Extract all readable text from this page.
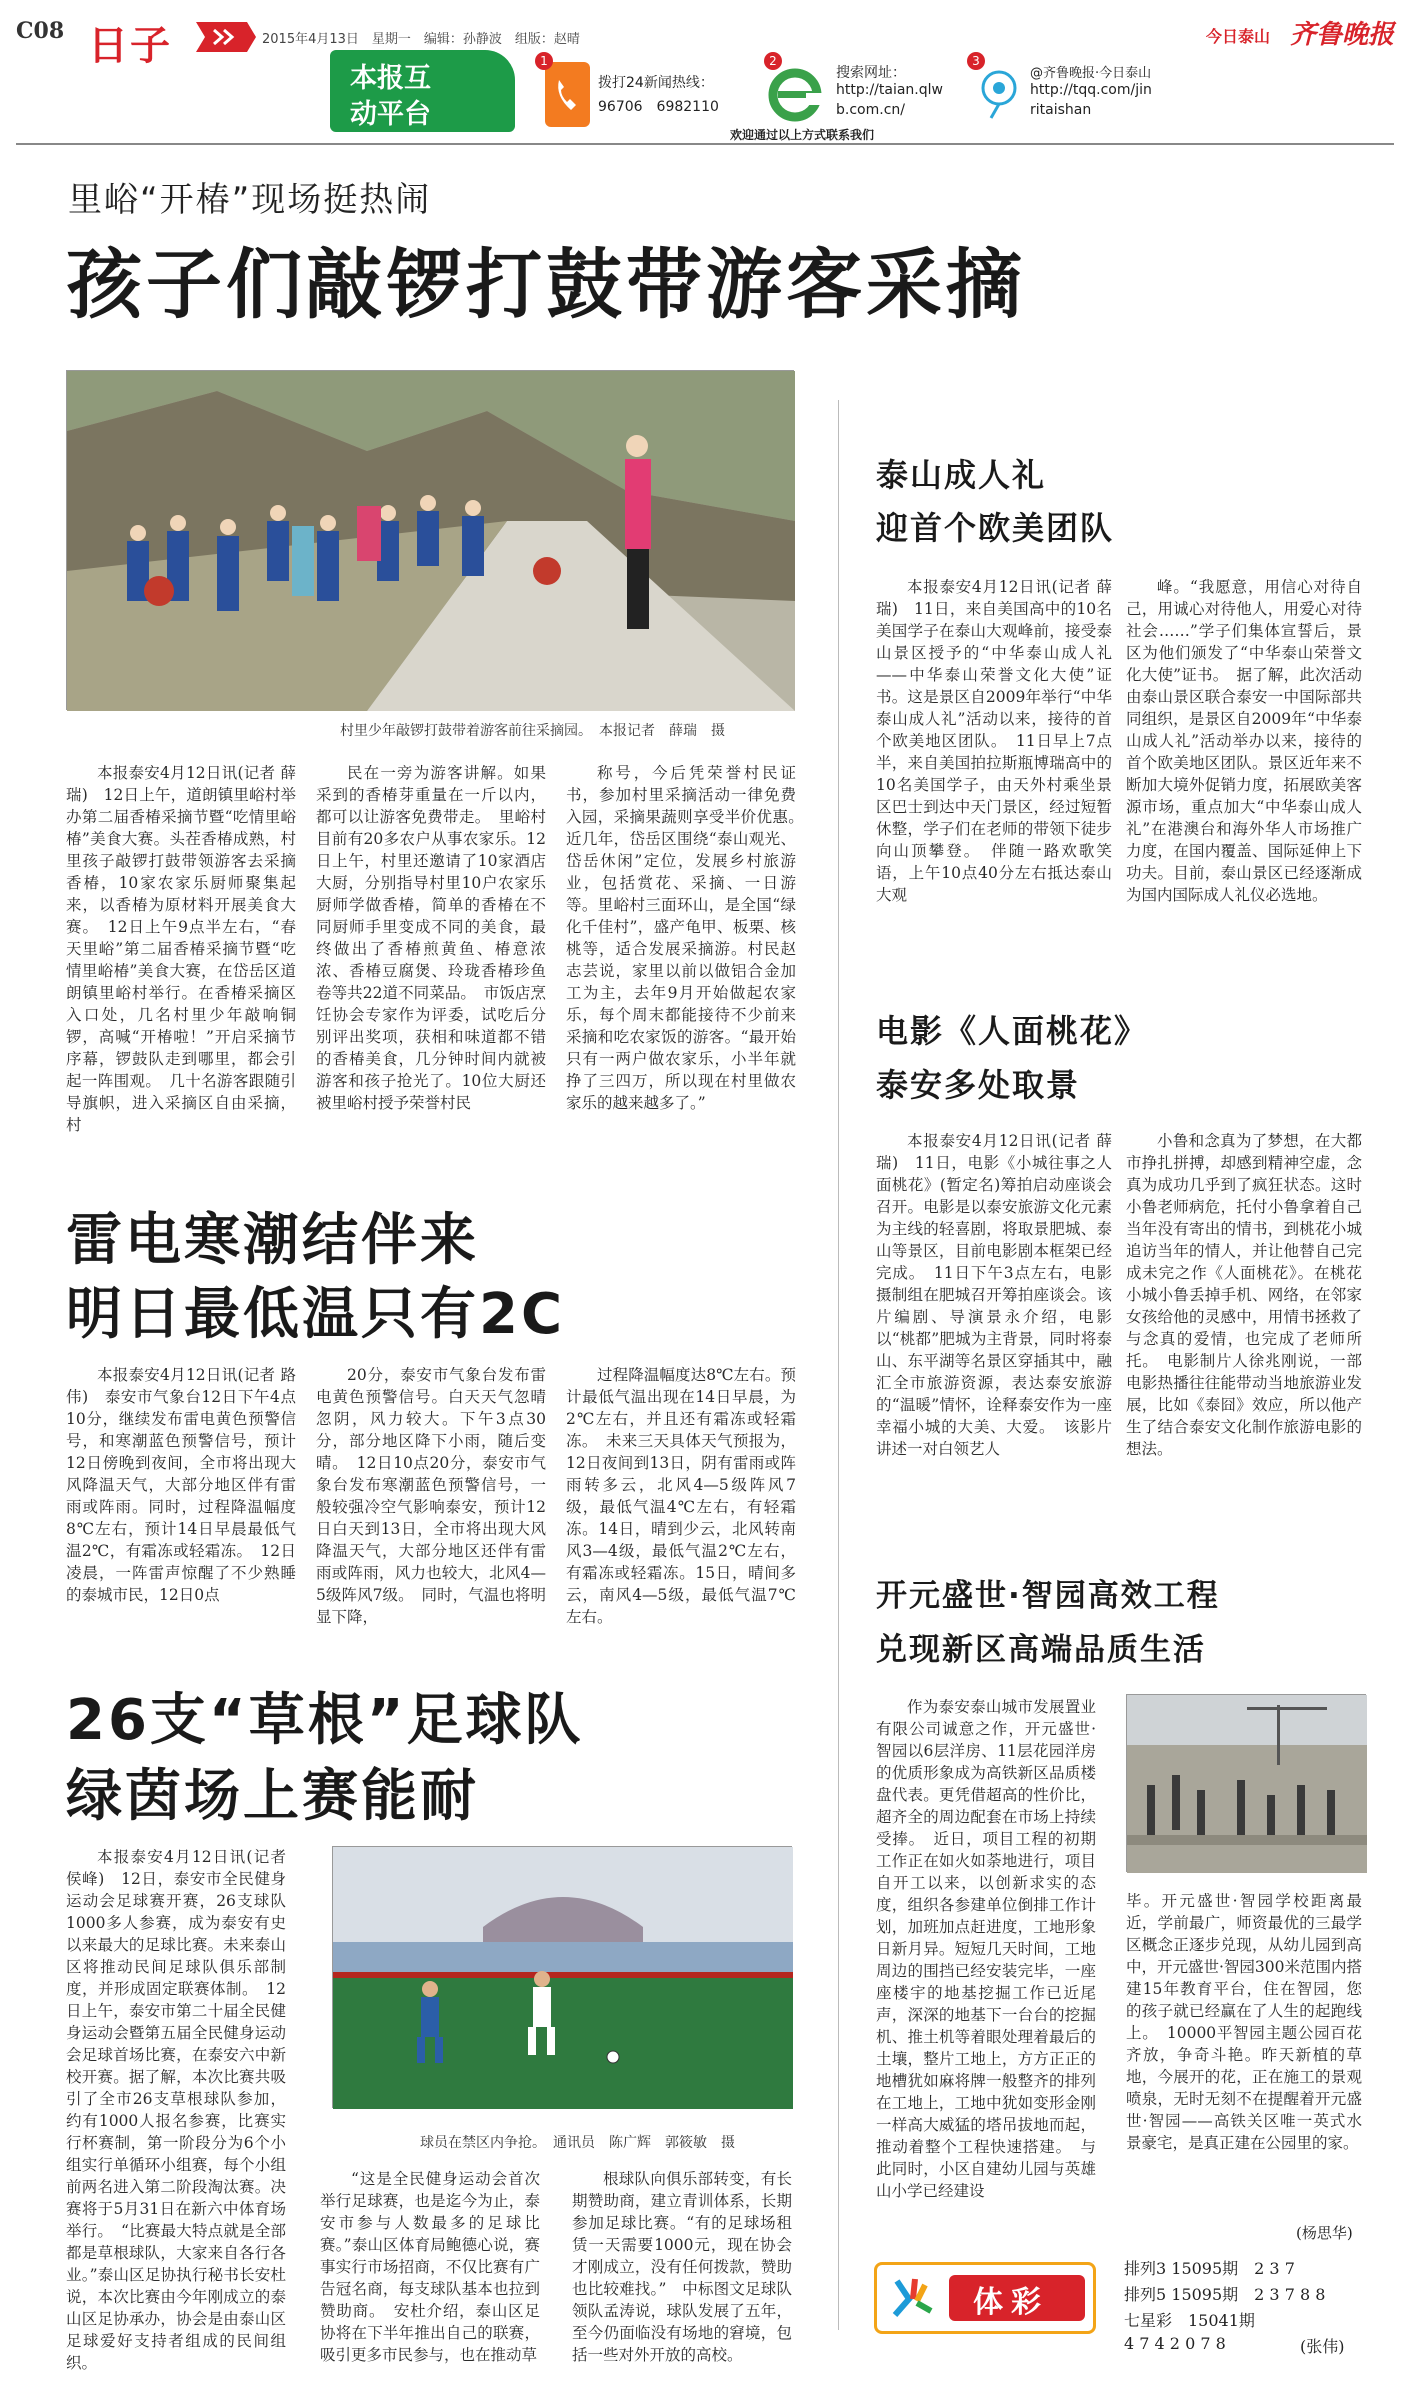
C08 日子	2015年4月13日　星期一　编辑：孙静波　组版：赵晴	今日泰山 齐鲁晚报
本报互
动平台
1
拨打24新闻热线：
96706　6982110
2
搜索网址：
http://taian.qlw
b.com.cn/
3
@齐鲁晚报·今日泰山
http://tqq.com/jin
ritaishan
欢迎通过以上方式联系我们
里峪“开椿”现场挺热闹
孩子们敲锣打鼓带游客采摘
村里少年敲锣打鼓带着游客前往采摘园。　本报记者　薛瑞　摄

本报泰安4月12日讯(记者 薛瑞)　12日上午，道朗镇里峪村举办第二届香椿采摘节暨“吃情里峪椿”美食大赛。头茬香椿成熟，村里孩子敲锣打鼓带领游客去采摘香椿，10家农家乐厨师聚集起来，以香椿为原材料开展美食大赛。　12日上午9点半左右，“春天里峪”第二届香椿采摘节暨“吃情里峪椿”美食大赛，在岱岳区道朗镇里峪村举行。在香椿采摘区入口处，几名村里少年敲响铜锣，高喊“开椿啦！”开启采摘节序幕，锣鼓队走到哪里，都会引起一阵围观。　几十名游客跟随引导旗帜，进入采摘区自由采摘，村

民在一旁为游客讲解。如果采到的香椿芽重量在一斤以内，都可以让游客免费带走。　里峪村目前有20多农户从事农家乐。12日上午，村里还邀请了10家酒店大厨，分别指导村里10户农家乐厨师学做香椿，简单的香椿在不同厨师手里变成不同的美食，最终做出了香椿煎黄鱼、椿意浓浓、香椿豆腐煲、玲珑香椿珍鱼卷等共22道不同菜品。　市饭店烹饪协会专家作为评委，试吃后分别评出奖项，获相和味道都不错的香椿美食，几分钟时间内就被游客和孩子抢光了。10位大厨还被里峪村授予荣誉村民

称号，今后凭荣誉村民证书，参加村里采摘活动一律免费入园，采摘果蔬则享受半价优惠。　近几年，岱岳区围绕“泰山观光、岱岳休闲”定位，发展乡村旅游业，包括赏花、采摘、一日游等。里峪村三面环山，是全国“绿化千佳村”，盛产龟甲、板栗、核桃等，适合发展采摘游。村民赵志芸说，家里以前以做铝合金加工为主，去年9月开始做起农家乐，每个周末都能接待不少前来采摘和吃农家饭的游客。“最开始只有一两户做农家乐，小半年就挣了三四万，所以现在村里做农家乐的越来越多了。”

泰山成人礼
迎首个欧美团队

本报泰安4月12日讯(记者 薛瑞)　11日，来自美国高中的10名美国学子在泰山大观峰前，接受泰山景区授予的“中华泰山成人礼——中华泰山荣誉文化大使”证书。这是景区自2009年举行“中华泰山成人礼”活动以来，接待的首个欧美地区团队。　11日早上7点半，来自美国拍拉斯瓶博瑞高中的10名美国学子，由天外村乘坐景区巴士到达中天门景区，经过短暂休整，学子们在老师的带领下徒步向山顶攀登。　伴随一路欢歌笑语，上午10点40分左右抵达泰山大观

峰。“我愿意，用信心对待自己，用诚心对待他人，用爱心对待社会……”学子们集体宣誓后，景区为他们颁发了“中华泰山荣誉文化大使”证书。　据了解，此次活动由泰山景区联合泰安一中国际部共同组织，是景区自2009年“中华泰山成人礼”活动举办以来，接待的首个欧美地区团队。景区近年来不断加大境外促销力度，拓展欧美客源市场，重点加大“中华泰山成人礼”在港澳台和海外华人市场推广力度，在国内覆盖、国际延伸上下功夫。目前，泰山景区已经逐渐成为国内国际成人礼仪必选地。

电影《人面桃花》
泰安多处取景

本报泰安4月12日讯(记者 薛瑞)　11日，电影《小城往事之人面桃花》(暂定名)筹拍启动座谈会召开。电影是以泰安旅游文化元素为主线的轻喜剧，将取景肥城、泰山等景区，目前电影剧本框架已经完成。　11日下午3点左右，电影摄制组在肥城召开筹拍座谈会。该片编剧、导演景永介绍，电影以“桃都”肥城为主背景，同时将泰山、东平湖等名景区穿插其中，融汇全市旅游资源，表达泰安旅游的“温暖”情怀，诠释泰安作为一座幸福小城的大美、大爱。　该影片讲述一对白领艺人

小鲁和念真为了梦想，在大都市挣扎拼搏，却感到精神空虚，念真为成功几乎到了疯狂状态。这时小鲁老师病危，托付小鲁拿着自己当年没有寄出的情书，到桃花小城追访当年的情人，并让他替自己完成未完之作《人面桃花》。在桃花小城小鲁丢掉手机、网络，在邻家女孩给他的灵感中，用情书拯救了与念真的爱情，也完成了老师所托。　电影制片人徐兆刚说，一部电影热播往往能带动当地旅游业发展，比如《泰囧》效应，所以他产生了结合泰安文化制作旅游电影的想法。

雷电寒潮结伴来
明日最低温只有2C

本报泰安4月12日讯(记者 路伟)　泰安市气象台12日下午4点10分，继续发布雷电黄色预警信号，和寒潮蓝色预警信号，预计12日傍晚到夜间，全市将出现大风降温天气，大部分地区伴有雷雨或阵雨。同时，过程降温幅度8℃左右，预计14日早晨最低气温2℃，有霜冻或轻霜冻。　12日凌晨，一阵雷声惊醒了不少熟睡的泰城市民，12日0点

20分，泰安市气象台发布雷电黄色预警信号。白天天气忽晴忽阴，风力较大。下午3点30分，部分地区降下小雨，随后变晴。　12日10点20分，泰安市气象台发布寒潮蓝色预警信号，一般较强冷空气影响泰安，预计12日白天到13日，全市将出现大风降温天气，大部分地区还伴有雷雨或阵雨，风力也较大，北风4—5级阵风7级。　同时，气温也将明显下降，

过程降温幅度达8℃左右。预计最低气温出现在14日早晨，为2℃左右，并且还有霜冻或轻霜冻。　未来三天具体天气预报为，12日夜间到13日，阴有雷雨或阵雨转多云，北风4—5级阵风7级，最低气温4℃左右，有轻霜冻。14日，晴到少云，北风转南风3—4级，最低气温2℃左右，有霜冻或轻霜冻。15日，晴间多云，南风4—5级，最低气温7℃左右。

26支“草根”足球队
绿茵场上赛能耐

本报泰安4月12日讯(记者 侯峰)　12日，泰安市全民健身运动会足球赛开赛，26支球队1000多人参赛，成为泰安有史以来最大的足球比赛。未来泰山区将推动民间足球队俱乐部制度，并形成固定联赛体制。　12日上午，泰安市第二十届全民健身运动会暨第五届全民健身运动会足球首场比赛，在泰安六中新校开赛。据了解，本次比赛共吸引了全市26支草根球队参加，约有1000人报名参赛，比赛实行杯赛制，第一阶段分为6个小组实行单循环小组赛，每个小组前两名进入第二阶段淘汰赛。决赛将于5月31日在新六中体育场举行。　“比赛最大特点就是全部都是草根球队，大家来自各行各业。”泰山区足协执行秘书长安杜说，本次比赛由今年刚成立的泰山区足协承办，协会是由泰山区足球爱好支持者组成的民间组织。

球员在禁区内争抢。　通讯员　陈广辉　郭筱敏　摄

“这是全民健身运动会首次举行足球赛，也是迄今为止，泰安市参与人数最多的足球比赛。”泰山区体育局鲍德心说，赛事实行市场招商，不仅比赛有广告冠名商，每支球队基本也拉到赞助商。　安杜介绍，泰山区足协将在下半年推出自己的联赛，吸引更多市民参与，也在推动草

根球队向俱乐部转变，有长期赞助商，建立青训体系，长期参加足球比赛。“有的足球场租赁一天需要1000元，现在协会才刚成立，没有任何拨款，赞助也比较难找。”　中标图文足球队领队孟涛说，球队发展了五年，至今仍面临没有场地的窘境，包括一些对外开放的高校。

开元盛世·智园高效工程
兑现新区高端品质生活

作为泰安泰山城市发展置业有限公司诚意之作，开元盛世·智园以6层洋房、11层花园洋房的优质形象成为高铁新区品质楼盘代表。更凭借超高的性价比，超齐全的周边配套在市场上持续受捧。　近日，项目工程的初期工作正在如火如荼地进行，项目自开工以来，以创新求实的态度，组织各参建单位倒排工作计划，加班加点赶进度，工地形象日新月异。短短几天时间，工地周边的围挡已经安装完毕，一座座楼宇的地基挖掘工作已近尾声，深深的地基下一台台的挖掘机、推土机等着眼处理着最后的土壤，整片工地上，方方正正的地槽犹如麻将牌一般整齐的排列在工地上，工地中犹如变形金刚一样高大威猛的塔吊拔地而起，推动着整个工程快速搭建。　与此同时，小区自建幼儿园与英雄山小学已经建设

毕。开元盛世·智园学校距离最近，学前最广，师资最优的三最学区概念正逐步兑现，从幼儿园到高中，开元盛世·智园300米范围内搭建15年教育平台，住在智园，您的孩子就已经赢在了人生的起跑线上。　10000平智园主题公园百花齐放，争奇斗艳。昨天新植的草地，今展开的花，正在施工的景观喷泉，无时无刻不在提醒着开元盛世·智园——高铁关区唯一英式水景豪宅，是真正建在公园里的家。

(杨思华)
体彩
排列3 15095期　2 3 7
排列5 15095期　2 3 7 8 8
七星彩　15041期
4 7 4 2 0 7 8	(张伟)
